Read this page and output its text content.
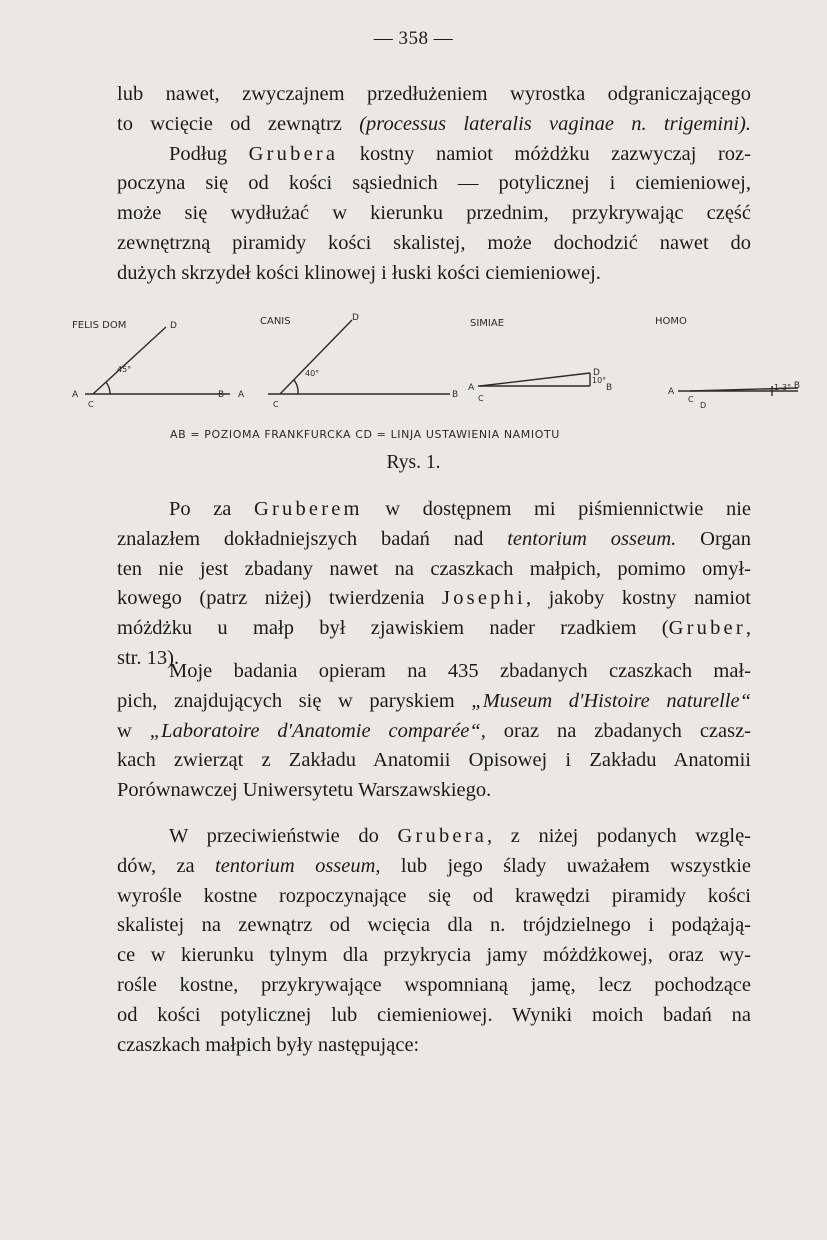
— 358 —
lub nawet, zwyczajnem przedłużeniem wyrostka odgraniczającego
to wcięcie od zewnątrz (processus lateralis vaginae n. trigemini).
Podług Grubera kostny namiot móżdżku zazwyczaj roz-
poczyna się od kości sąsiednich — potylicznej i ciemieniowej,
może się wydłużać w kierunku przednim, przykrywając część
zewnętrzną piramidy kości skalistej, może dochodzić nawet do
dużych skrzydeł kości klinowej i łuski kości ciemieniowej.
FELIS DOM	CANIS	SIMIAE	HOMO
45°	40°
10°
1-3°
A
C
D
B A
C
D
B
A
C
D
B	A
C
D
B
AB = POZIOMA FRANKFURCKA CD = LINJA USTAWIENIA NAMIOTU
Rys. 1.
Po za Gruberem w dostępnem mi piśmiennictwie nie
znalazłem dokładniejszych badań nad tentorium osseum. Organ
ten nie jest zbadany nawet na czaszkach małpich, pomimo omył-
kowego (patrz niżej) twierdzenia Josephi, jakoby kostny namiot
móżdżku u małp był zjawiskiem nader rzadkiem (Gruber,
str. 13).
Moje badania opieram na 435 zbadanych czaszkach mał-
pich, znajdujących się w paryskiem „Museum d'Histoire naturelle“
w „Laboratoire d'Anatomie comparée“, oraz na zbadanych czasz-
kach zwierząt z Zakładu Anatomii Opisowej i Zakładu Anatomii
Porównawczej Uniwersytetu Warszawskiego.
W przeciwieństwie do Grubera, z niżej podanych wzglę-
dów, za tentorium osseum, lub jego ślady uważałem wszystkie
wyrośle kostne rozpoczynające się od krawędzi piramidy kości
skalistej na zewnątrz od wcięcia dla n. trójdzielnego i podążają-
ce w kierunku tylnym dla przykrycia jamy móżdżkowej, oraz wy-
rośle kostne, przykrywające wspomnianą jamę, lecz pochodzące
od kości potylicznej lub ciemieniowej. Wyniki moich badań na
czaszkach małpich były następujące:
